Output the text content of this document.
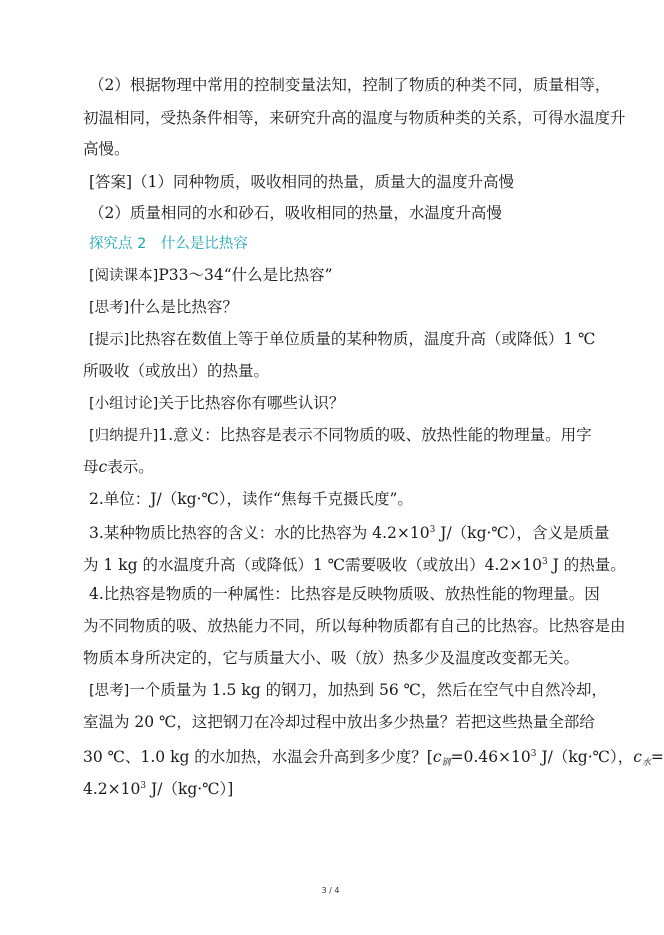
（2）根据物理中常用的控制变量法知，控制了物质的种类不同，质量相等，
初温相同，受热条件相等，来研究升高的温度与物质种类的关系，可得水温度升
高慢。
[答案]（1）同种物质，吸收相同的热量，质量大的温度升高慢
（2）质量相同的水和砂石，吸收相同的热量，水温度升高慢
探究点 2　什么是比热容
[阅读课本]P33～34“什么是比热容”
[思考]什么是比热容？
[提示]比热容在数值上等于单位质量的某种物质，温度升高（或降低）1 ℃
所吸收（或放出）的热量。
[小组讨论]关于比热容你有哪些认识？
[归纳提升]1.意义：比热容是表示不同物质的吸、放热性能的物理量。用字
母c表示。
2.单位：J/（kg·℃），读作“焦每千克摄氏度”。
3.某种物质比热容的含义：水的比热容为 $4.2\times 10^3$ J/（kg·℃），含义是质量
为 1 kg 的水温度升高（或降低）1 ℃需要吸收（或放出）$4.2\times 10^3$ J 的热量。
4.比热容是物质的一种属性：比热容是反映物质吸、放热性能的物理量。因
为不同物质的吸、放热能力不同，所以每种物质都有自己的比热容。比热容是由
物质本身所决定的，它与质量大小、吸（放）热多少及温度改变都无关。
[思考]一个质量为 1.5 kg 的钢刀，加热到 56 ℃，然后在空气中自然冷却，
室温为 20 ℃，这把钢刀在冷却过程中放出多少热量？若把这些热量全部给
30 ℃、1.0 kg 的水加热，水温会升高到多少度？[$c_钢=0.46\times 10^3$ J/（kg·℃），$c_水=$
$4.2\times 10^3$ J/（kg·℃）]
3 / 4
